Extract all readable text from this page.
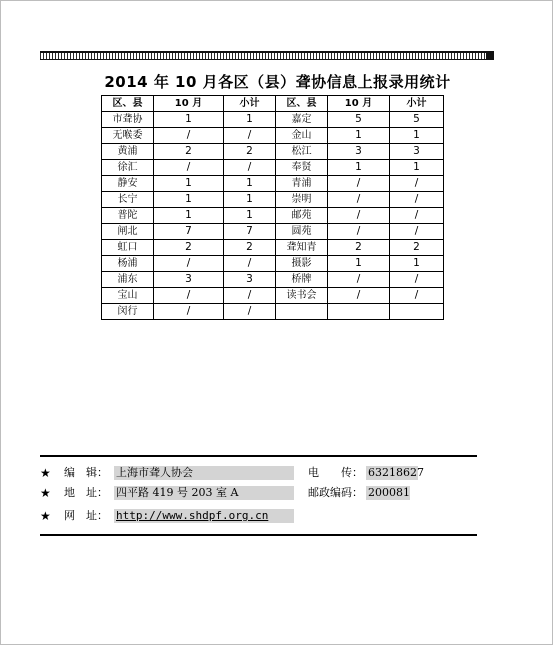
2014 年 10 月各区（县）聋协信息上报录用统计
区、县	10 月	小计	区、县	10 月	小计
市聋协	1	1	嘉定	5	5
无喉委	/	/	金山	1	1
黄浦	2	2	松江	3	3
徐汇	/	/	奉贤	1	1
静安	1	1	青浦	/	/
长宁	1	1	崇明	/	/
普陀	1	1	邮苑	/	/
闸北	7	7	圆苑	/	/
虹口	2	2	聋知青	2	2
杨浦	/	/	摄影	1	1
浦东	3	3	桥牌	/	/
宝山	/	/	读书会	/	/
闵行	/	/			
★ 编　辑： 上海市聋人协会	电　　传： 63218627
★ 地　址： 四平路 419 号 203 室 A	邮政编码： 200081
★ 网　址： http://www.shdpf.org.cn
